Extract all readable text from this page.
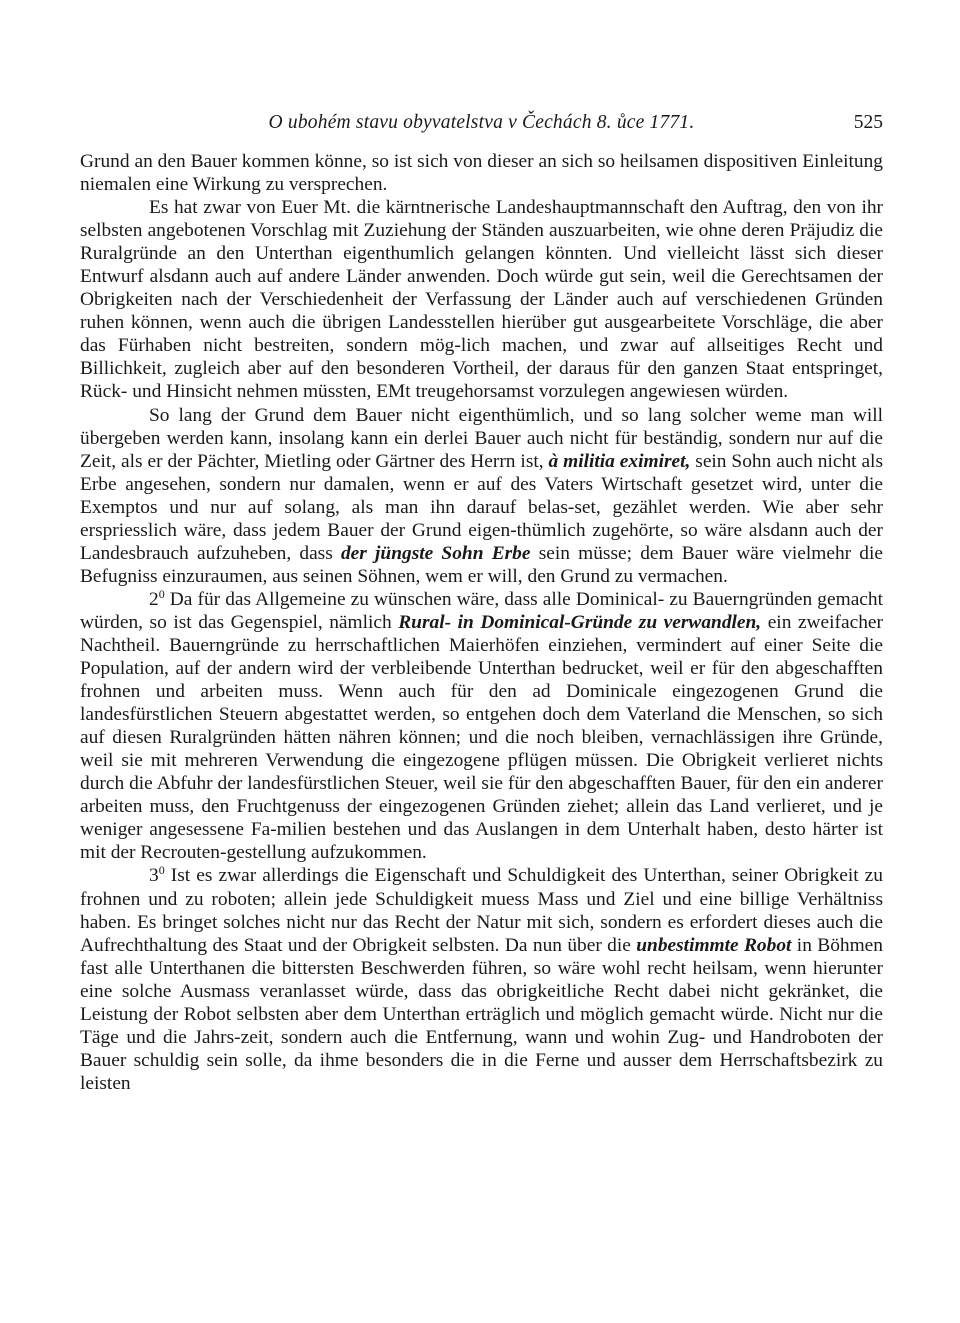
O ubohém stavu obyvatelstva v Čechách 8. ůce 1771.	525

Grund an den Bauer kommen könne, so ist sich von dieser an sich so heilsamen dispositiven Einleitung niemalen eine Wirkung zu versprechen.

Es hat zwar von Euer Mt. die kärntnerische Landeshauptmannschaft den Auftrag, den von ihr selbsten angebotenen Vorschlag mit Zuziehung der Ständen auszuarbeiten, wie ohne deren Präjudiz die Ruralgründe an den Unterthan eigenthumlich gelangen könnten. Und vielleicht lässt sich dieser Entwurf alsdann auch auf andere Länder anwenden. Doch würde gut sein, weil die Gerechtsamen der Obrigkeiten nach der Verschiedenheit der Verfassung der Länder auch auf verschiedenen Gründen ruhen können, wenn auch die übrigen Landesstellen hierüber gut ausgearbeitete Vorschläge, die aber das Fürhaben nicht bestreiten, sondern mög-lich machen, und zwar auf allseitiges Recht und Billichkeit, zugleich aber auf den besonderen Vortheil, der daraus für den ganzen Staat entspringet, Rück- und Hinsicht nehmen müssten, EMt treugehorsamst vorzulegen angewiesen würden.

So lang der Grund dem Bauer nicht eigenthümlich, und so lang solcher weme man will übergeben werden kann, insolang kann ein derlei Bauer auch nicht für beständig, sondern nur auf die Zeit, als er der Pächter, Mietling oder Gärtner des Herrn ist, à militia eximiret, sein Sohn auch nicht als Erbe angesehen, sondern nur damalen, wenn er auf des Vaters Wirtschaft gesetzet wird, unter die Exemptos und nur auf solang, als man ihn darauf belas-set, gezählet werden. Wie aber sehr erspriesslich wäre, dass jedem Bauer der Grund eigen-thümlich zugehörte, so wäre alsdann auch der Landesbrauch aufzuheben, dass der jüngste Sohn Erbe sein müsse; dem Bauer wäre vielmehr die Befugniss einzuraumen, aus seinen Söhnen, wem er will, den Grund zu vermachen.

$2^0$ Da für das Allgemeine zu wünschen wäre, dass alle Dominical- zu Bauerngründen gemacht würden, so ist das Gegenspiel, nämlich Rural- in Dominical-Gründe zu verwandlen, ein zweifacher Nachtheil. Bauerngründe zu herrschaftlichen Maierhöfen einziehen, vermindert auf einer Seite die Population, auf der andern wird der verbleibende Unterthan bedrucket, weil er für den abgeschafften frohnen und arbeiten muss. Wenn auch für den ad Dominicale eingezogenen Grund die landesfürstlichen Steuern abgestattet werden, so entgehen doch dem Vaterland die Menschen, so sich auf diesen Ruralgründen hätten nähren können; und die noch bleiben, vernachlässigen ihre Gründe, weil sie mit mehreren Verwendung die eingezogene pflügen müssen. Die Obrigkeit verlieret nichts durch die Abfuhr der landesfürstlichen Steuer, weil sie für den abgeschafften Bauer, für den ein anderer arbeiten muss, den Fruchtgenuss der eingezogenen Gründen ziehet; allein das Land verlieret, und je weniger angesessene Fa-milien bestehen und das Auslangen in dem Unterhalt haben, desto härter ist mit der Recrouten-gestellung aufzukommen.

$3^0$ Ist es zwar allerdings die Eigenschaft und Schuldigkeit des Unterthan, seiner Obrigkeit zu frohnen und zu roboten; allein jede Schuldigkeit muess Mass und Ziel und eine billige Verhältniss haben. Es bringet solches nicht nur das Recht der Natur mit sich, sondern es erfordert dieses auch die Aufrechthaltung des Staat und der Obrigkeit selbsten. Da nun über die unbestimmte Robot in Böhmen fast alle Unterthanen die bittersten Beschwerden führen, so wäre wohl recht heilsam, wenn hierunter eine solche Ausmass veranlasset würde, dass das obrigkeitliche Recht dabei nicht gekränket, die Leistung der Robot selbsten aber dem Unterthan erträglich und möglich gemacht würde. Nicht nur die Täge und die Jahrs-zeit, sondern auch die Entfernung, wann und wohin Zug- und Handroboten der Bauer schuldig sein solle, da ihme besonders die in die Ferne und ausser dem Herrschaftsbezirk zu leisten
